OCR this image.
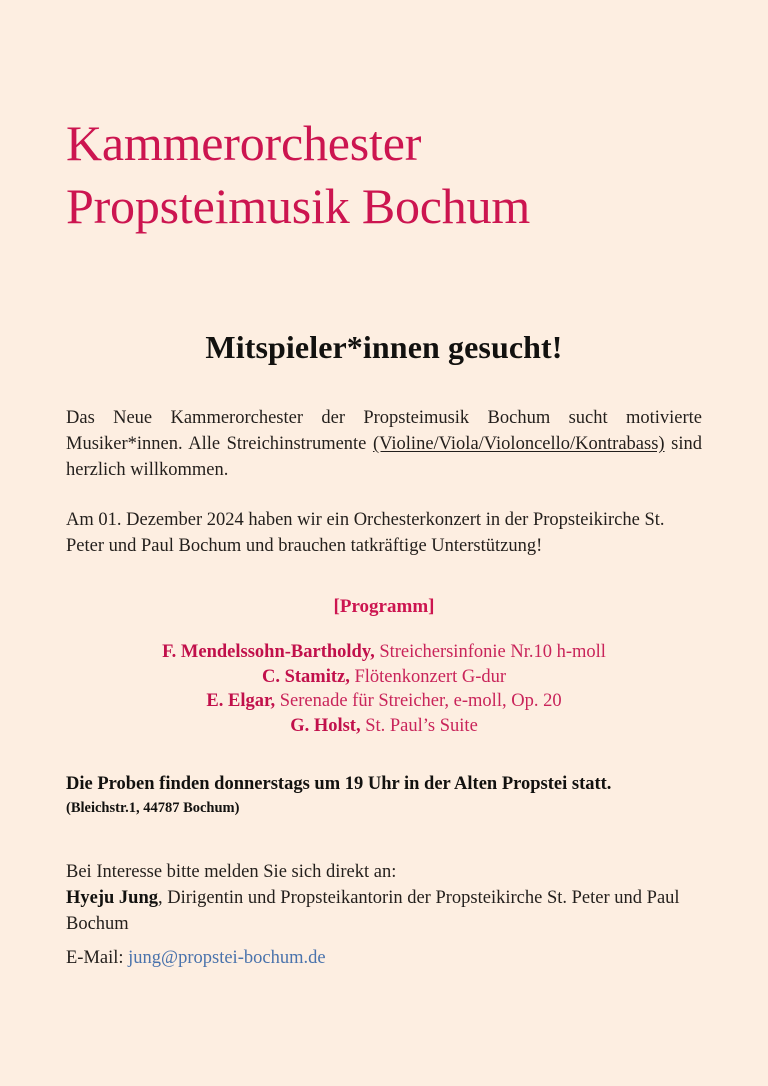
Kammerorchester
Propsteimusik Bochum
Mitspieler*innen gesucht!
Das Neue Kammerorchester der Propsteimusik Bochum sucht motivierte Musiker*innen. Alle Streichinstrumente (Violine/Viola/Violoncello/Kontrabass) sind herzlich willkommen.
Am 01. Dezember 2024 haben wir ein Orchesterkonzert in der Propsteikirche St. Peter und Paul Bochum und brauchen tatkräftige Unterstützung!
[Programm]
F. Mendelssohn-Bartholdy, Streichersinfonie Nr.10 h-moll
C. Stamitz, Flötenkonzert G-dur
E. Elgar, Serenade für Streicher, e-moll, Op. 20
G. Holst, St. Paul’s Suite
Die Proben finden donnerstags um 19 Uhr in der Alten Propstei statt.
(Bleichstr.1, 44787 Bochum)
Bei Interesse bitte melden Sie sich direkt an:
Hyeju Jung, Dirigentin und Propsteikantorin der Propsteikirche St. Peter und Paul Bochum
E-Mail: jung@propstei-bochum.de
